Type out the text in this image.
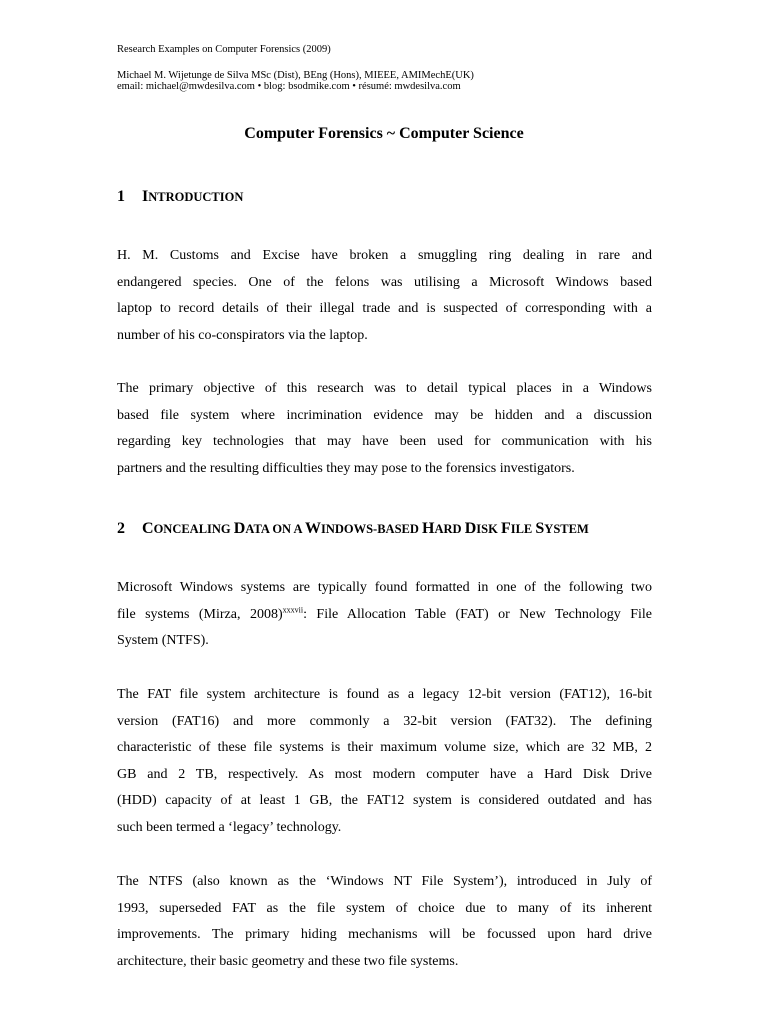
Research Examples on Computer Forensics (2009)
Michael M. Wijetunge de Silva MSc (Dist), BEng (Hons), MIEEE, AMIMechE(UK)
email: michael@mwdesilva.com • blog: bsodmike.com • résumé: mwdesilva.com
Computer Forensics ~ Computer Science
1 INTRODUCTION
H. M. Customs and Excise have broken a smuggling ring dealing in rare and
endangered species. One of the felons was utilising a Microsoft Windows based
laptop to record details of their illegal trade and is suspected of corresponding with a
number of his co-conspirators via the laptop.
The primary objective of this research was to detail typical places in a Windows
based file system where incrimination evidence may be hidden and a discussion
regarding key technologies that may have been used for communication with his
partners and the resulting difficulties they may pose to the forensics investigators.
2 CONCEALING DATA ON A WINDOWS-BASED HARD DISK FILE SYSTEM
Microsoft Windows systems are typically found formatted in one of the following two
file systems (Mirza, 2008)$^{xxxvii}$: File Allocation Table (FAT) or New Technology File
System (NTFS).
The FAT file system architecture is found as a legacy 12-bit version (FAT12), 16-bit
version (FAT16) and more commonly a 32-bit version (FAT32). The defining
characteristic of these file systems is their maximum volume size, which are 32 MB, 2
GB and 2 TB, respectively. As most modern computer have a Hard Disk Drive
(HDD) capacity of at least 1 GB, the FAT12 system is considered outdated and has
such been termed a ‘legacy’ technology.
The NTFS (also known as the ‘Windows NT File System’), introduced in July of
1993, superseded FAT as the file system of choice due to many of its inherent
improvements. The primary hiding mechanisms will be focussed upon hard drive
architecture, their basic geometry and these two file systems.
